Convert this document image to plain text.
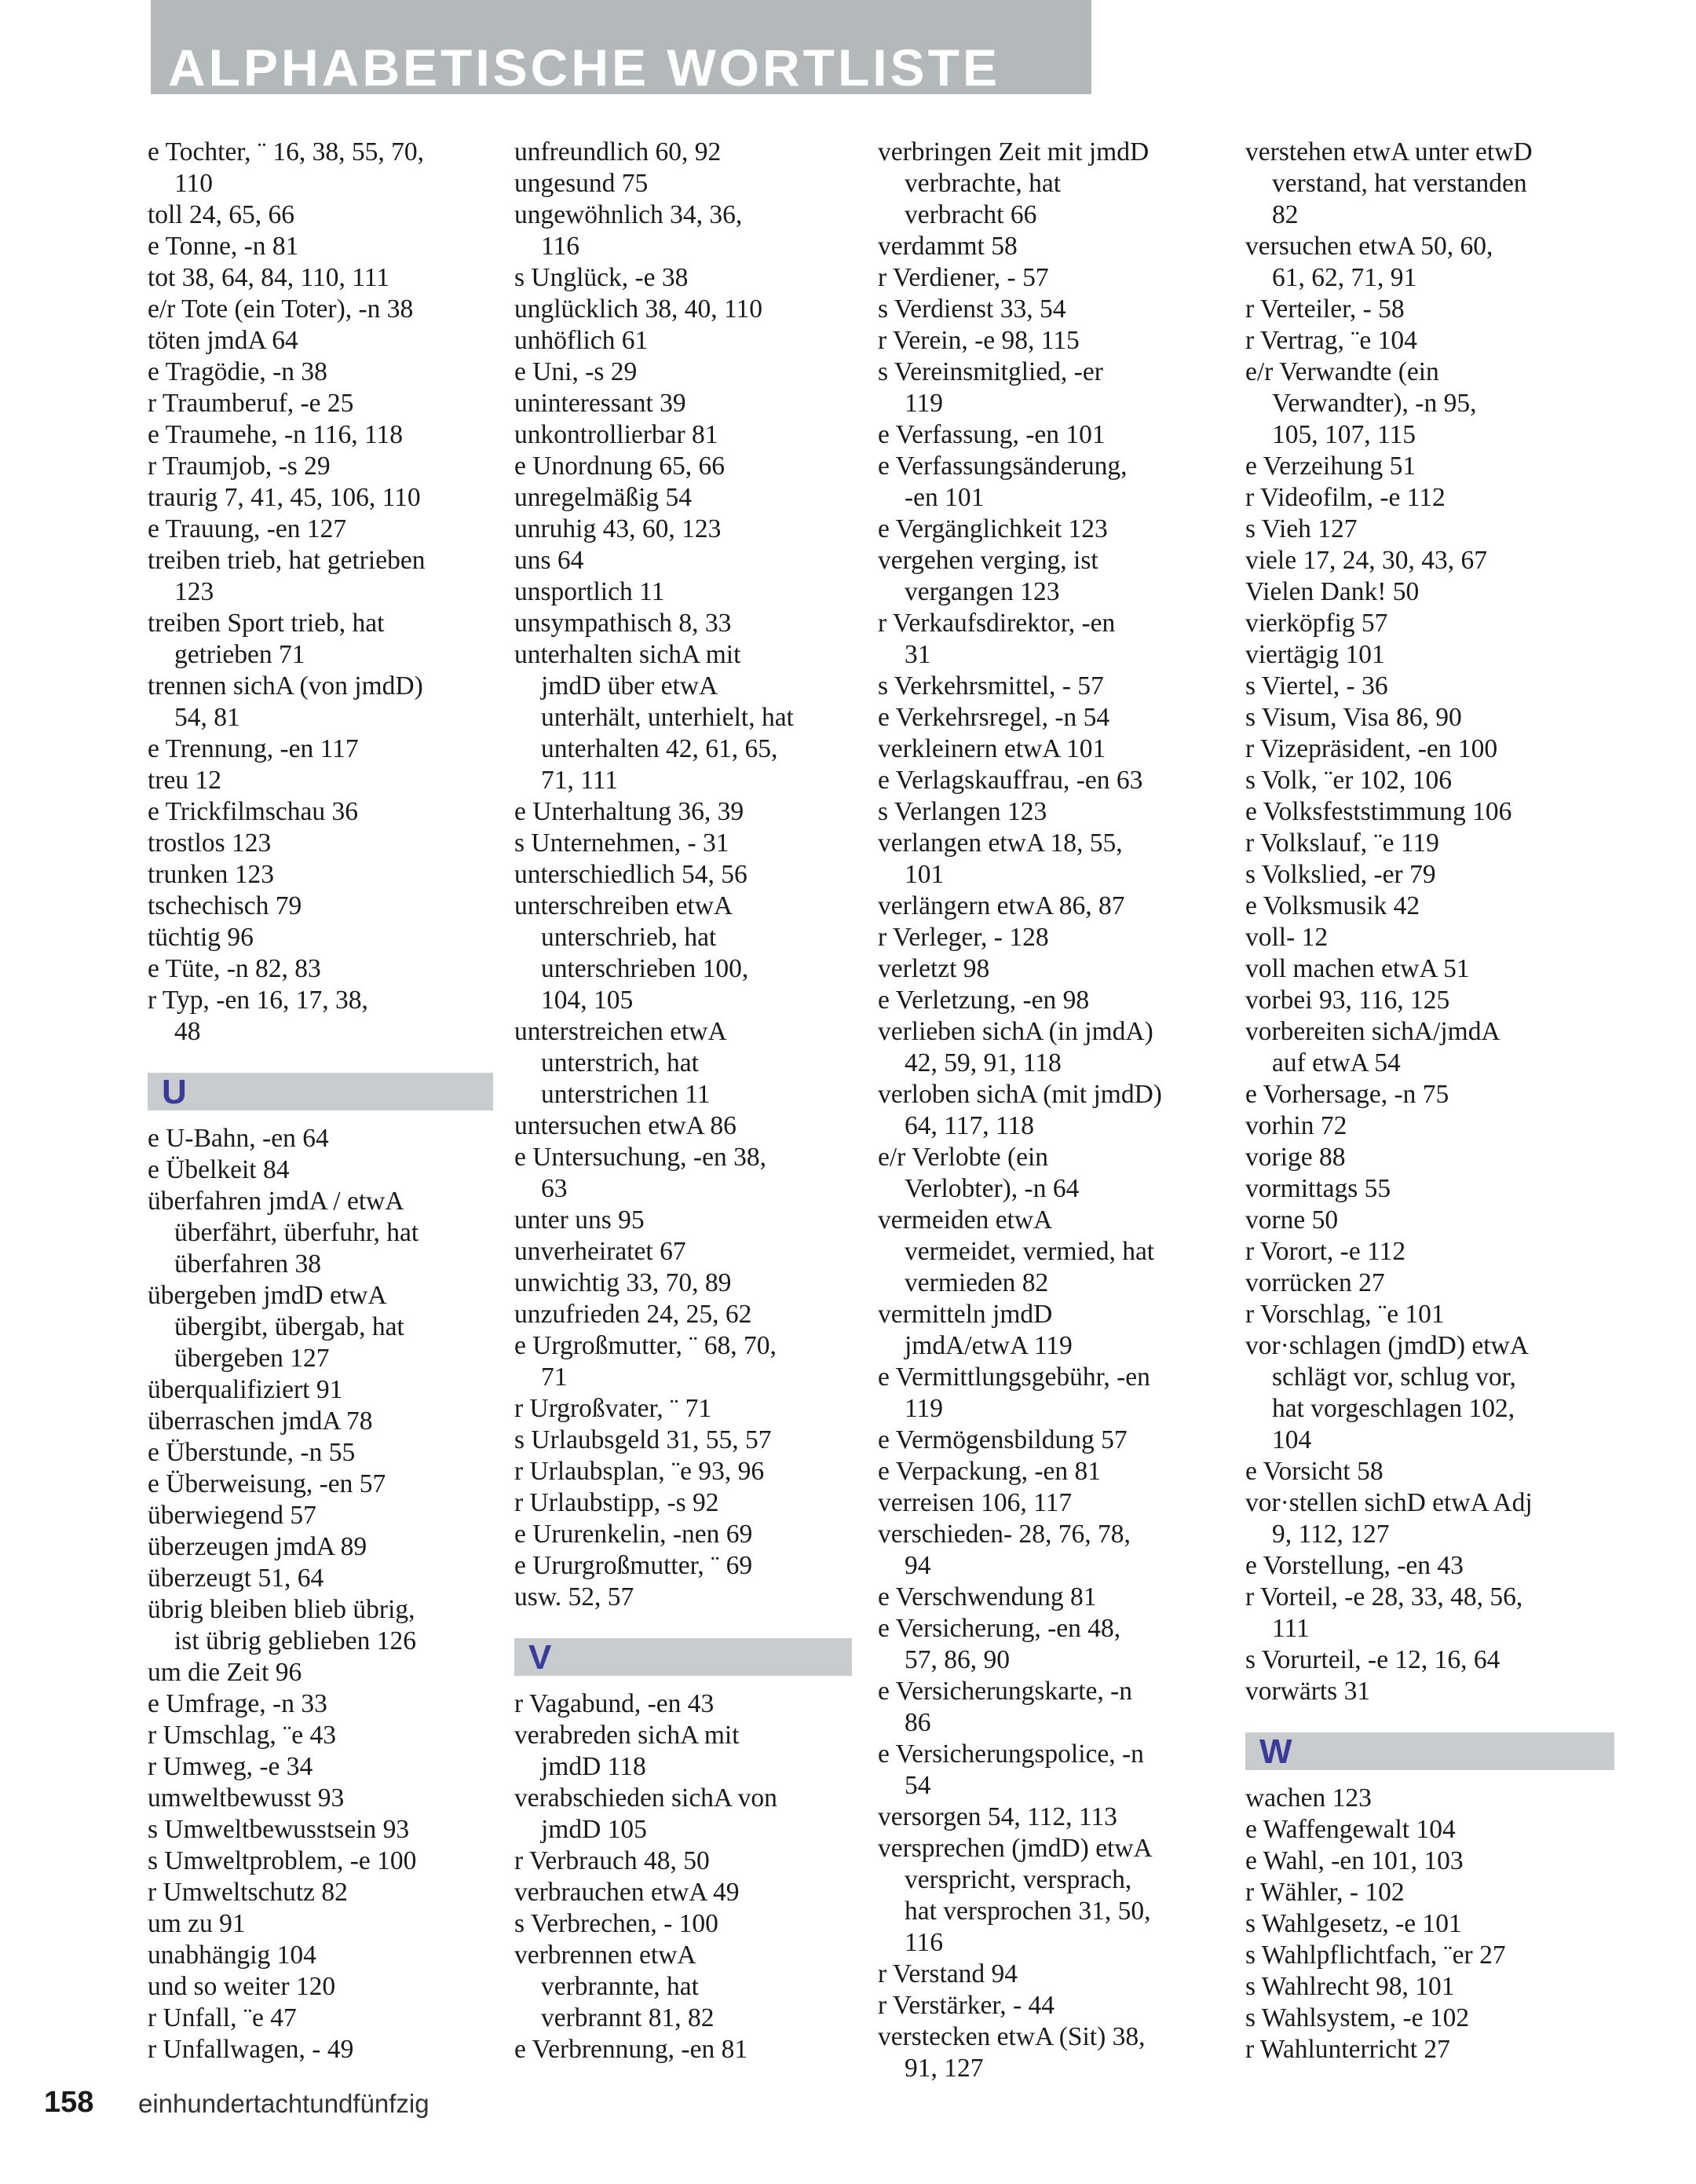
ALPHABETISCHE WORTLISTE
e Tochter, ¨ 16, 38, 55, 70,
110
toll 24, 65, 66
e Tonne, -n 81
tot 38, 64, 84, 110, 111
e/r Tote (ein Toter), -n 38
töten jmdA 64
e Tragödie, -n 38
r Traumberuf, -e 25
e Traumehe, -n 116, 118
r Traumjob, -s 29
traurig 7, 41, 45, 106, 110
e Trauung, -en 127
treiben trieb, hat getrieben
123
treiben Sport trieb, hat
getrieben 71
trennen sichA (von jmdD)
54, 81
e Trennung, -en 117
treu 12
e Trickfilmschau 36
trostlos 123
trunken 123
tschechisch 79
tüchtig 96
e Tüte, -n 82, 83
r Typ, -en 16, 17, 38,
48
U
e U-Bahn, -en 64
e Übelkeit 84
überfahren jmdA / etwA
überfährt, überfuhr, hat
überfahren 38
übergeben jmdD etwA
übergibt, übergab, hat
übergeben 127
überqualifiziert 91
überraschen jmdA 78
e Überstunde, -n 55
e Überweisung, -en 57
überwiegend 57
überzeugen jmdA 89
überzeugt 51, 64
übrig bleiben blieb übrig,
ist übrig geblieben 126
um die Zeit 96
e Umfrage, -n 33
r Umschlag, ¨e 43
r Umweg, -e 34
umweltbewusst 93
s Umweltbewusstsein 93
s Umweltproblem, -e 100
r Umweltschutz 82
um zu 91
unabhängig 104
und so weiter 120
r Unfall, ¨e 47
r Unfallwagen, - 49
unfreundlich 60, 92
ungesund 75
ungewöhnlich 34, 36,
116
s Unglück, -e 38
unglücklich 38, 40, 110
unhöflich 61
e Uni, -s 29
uninteressant 39
unkontrollierbar 81
e Unordnung 65, 66
unregelmäßig 54
unruhig 43, 60, 123
uns 64
unsportlich 11
unsympathisch 8, 33
unterhalten sichA mit
jmdD über etwA
unterhält, unterhielt, hat
unterhalten 42, 61, 65,
71, 111
e Unterhaltung 36, 39
s Unternehmen, - 31
unterschiedlich 54, 56
unterschreiben etwA
unterschrieb, hat
unterschrieben 100,
104, 105
unterstreichen etwA
unterstrich, hat
unterstrichen 11
untersuchen etwA 86
e Untersuchung, -en 38,
63
unter uns 95
unverheiratet 67
unwichtig 33, 70, 89
unzufrieden 24, 25, 62
e Urgroßmutter, ¨ 68, 70,
71
r Urgroßvater, ¨ 71
s Urlaubsgeld 31, 55, 57
r Urlaubsplan, ¨e 93, 96
r Urlaubstipp, -s 92
e Ururenkelin, -nen 69
e Ururgroßmutter, ¨ 69
usw. 52, 57
V
r Vagabund, -en 43
verabreden sichA mit
jmdD 118
verabschieden sichA von
jmdD 105
r Verbrauch 48, 50
verbrauchen etwA 49
s Verbrechen, - 100
verbrennen etwA
verbrannte, hat
verbrannt 81, 82
e Verbrennung, -en 81
verbringen Zeit mit jmdD
verbrachte, hat
verbracht 66
verdammt 58
r Verdiener, - 57
s Verdienst 33, 54
r Verein, -e 98, 115
s Vereinsmitglied, -er
119
e Verfassung, -en 101
e Verfassungsänderung,
-en 101
e Vergänglichkeit 123
vergehen verging, ist
vergangen 123
r Verkaufsdirektor, -en
31
s Verkehrsmittel, - 57
e Verkehrsregel, -n 54
verkleinern etwA 101
e Verlagskauffrau, -en 63
s Verlangen 123
verlangen etwA 18, 55,
101
verlängern etwA 86, 87
r Verleger, - 128
verletzt 98
e Verletzung, -en 98
verlieben sichA (in jmdA)
42, 59, 91, 118
verloben sichA (mit jmdD)
64, 117, 118
e/r Verlobte (ein
Verlobter), -n 64
vermeiden etwA
vermeidet, vermied, hat
vermieden 82
vermitteln jmdD
jmdA/etwA 119
e Vermittlungsgebühr, -en
119
e Vermögensbildung 57
e Verpackung, -en 81
verreisen 106, 117
verschieden- 28, 76, 78,
94
e Verschwendung 81
e Versicherung, -en 48,
57, 86, 90
e Versicherungskarte, -n
86
e Versicherungspolice, -n
54
versorgen 54, 112, 113
versprechen (jmdD) etwA
verspricht, versprach,
hat versprochen 31, 50,
116
r Verstand 94
r Verstärker, - 44
verstecken etwA (Sit) 38,
91, 127
verstehen etwA unter etwD
verstand, hat verstanden
82
versuchen etwA 50, 60,
61, 62, 71, 91
r Verteiler, - 58
r Vertrag, ¨e 104
e/r Verwandte (ein
Verwandter), -n 95,
105, 107, 115
e Verzeihung 51
r Videofilm, -e 112
s Vieh 127
viele 17, 24, 30, 43, 67
Vielen Dank! 50
vierköpfig 57
viertägig 101
s Viertel, - 36
s Visum, Visa 86, 90
r Vizepräsident, -en 100
s Volk, ¨er 102, 106
e Volksfeststimmung 106
r Volkslauf, ¨e 119
s Volkslied, -er 79
e Volksmusik 42
voll- 12
voll machen etwA 51
vorbei 93, 116, 125
vorbereiten sichA/jmdA
auf etwA 54
e Vorhersage, -n 75
vorhin 72
vorige 88
vormittags 55
vorne 50
r Vorort, -e 112
vorrücken 27
r Vorschlag, ¨e 101
vor·schlagen (jmdD) etwA
schlägt vor, schlug vor,
hat vorgeschlagen 102,
104
e Vorsicht 58
vor·stellen sichD etwA Adj
9, 112, 127
e Vorstellung, -en 43
r Vorteil, -e 28, 33, 48, 56,
111
s Vorurteil, -e 12, 16, 64
vorwärts 31
W
wachen 123
e Waffengewalt 104
e Wahl, -en 101, 103
r Wähler, - 102
s Wahlgesetz, -e 101
s Wahlpflichtfach, ¨er 27
s Wahlrecht 98, 101
s Wahlsystem, -e 102
r Wahlunterricht 27
158 einhundertachtundfünfzig
